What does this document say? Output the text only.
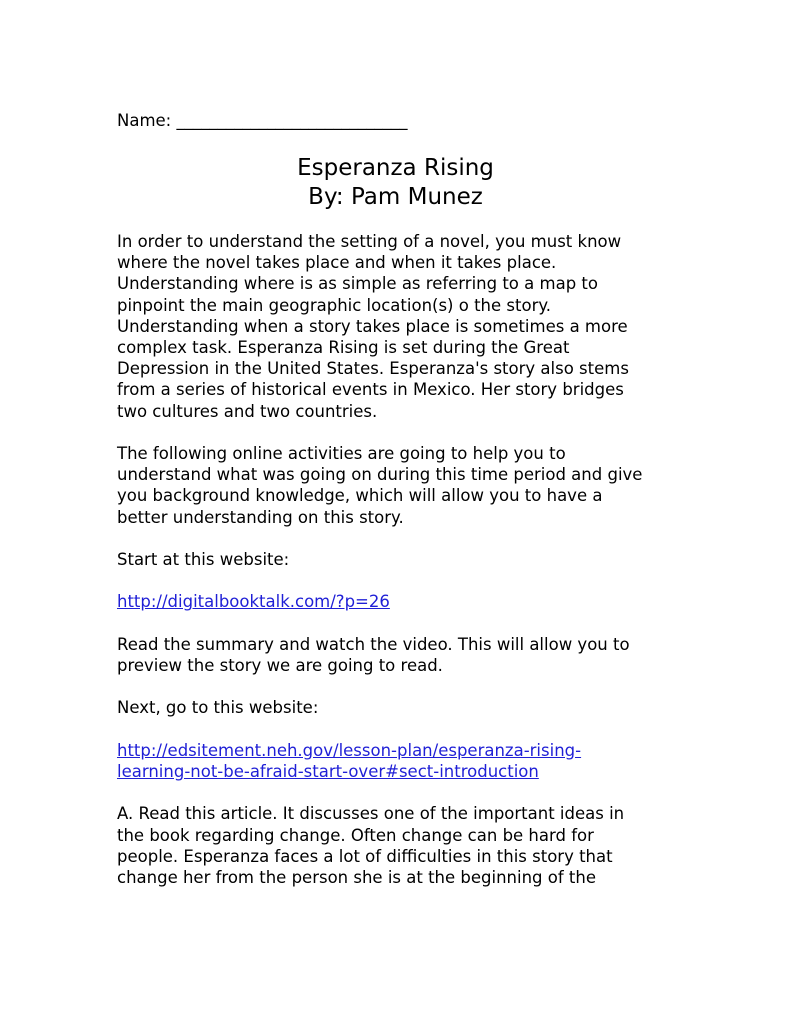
Name: ____________________________
Esperanza Rising
By: Pam Munez

In order to understand the setting of a novel, you must know
where the novel takes place and when it takes place.
Understanding where is as simple as referring to a map to
pinpoint the main geographic location(s) o the story.
Understanding when a story takes place is sometimes a more
complex task. Esperanza Rising is set during the Great
Depression in the United States. Esperanza's story also stems
from a series of historical events in Mexico. Her story bridges
two cultures and two countries.

The following online activities are going to help you to
understand what was going on during this time period and give
you background knowledge, which will allow you to have a
better understanding on this story.

Start at this website:

http://digitalbooktalk.com/?p=26

Read the summary and watch the video. This will allow you to
preview the story we are going to read.

Next, go to this website:

http://edsitement.neh.gov/lesson-plan/esperanza-rising-
learning-not-be-afraid-start-over#sect-introduction

A. Read this article. It discusses one of the important ideas in
the book regarding change. Often change can be hard for
people. Esperanza faces a lot of difficulties in this story that
change her from the person she is at the beginning of the
